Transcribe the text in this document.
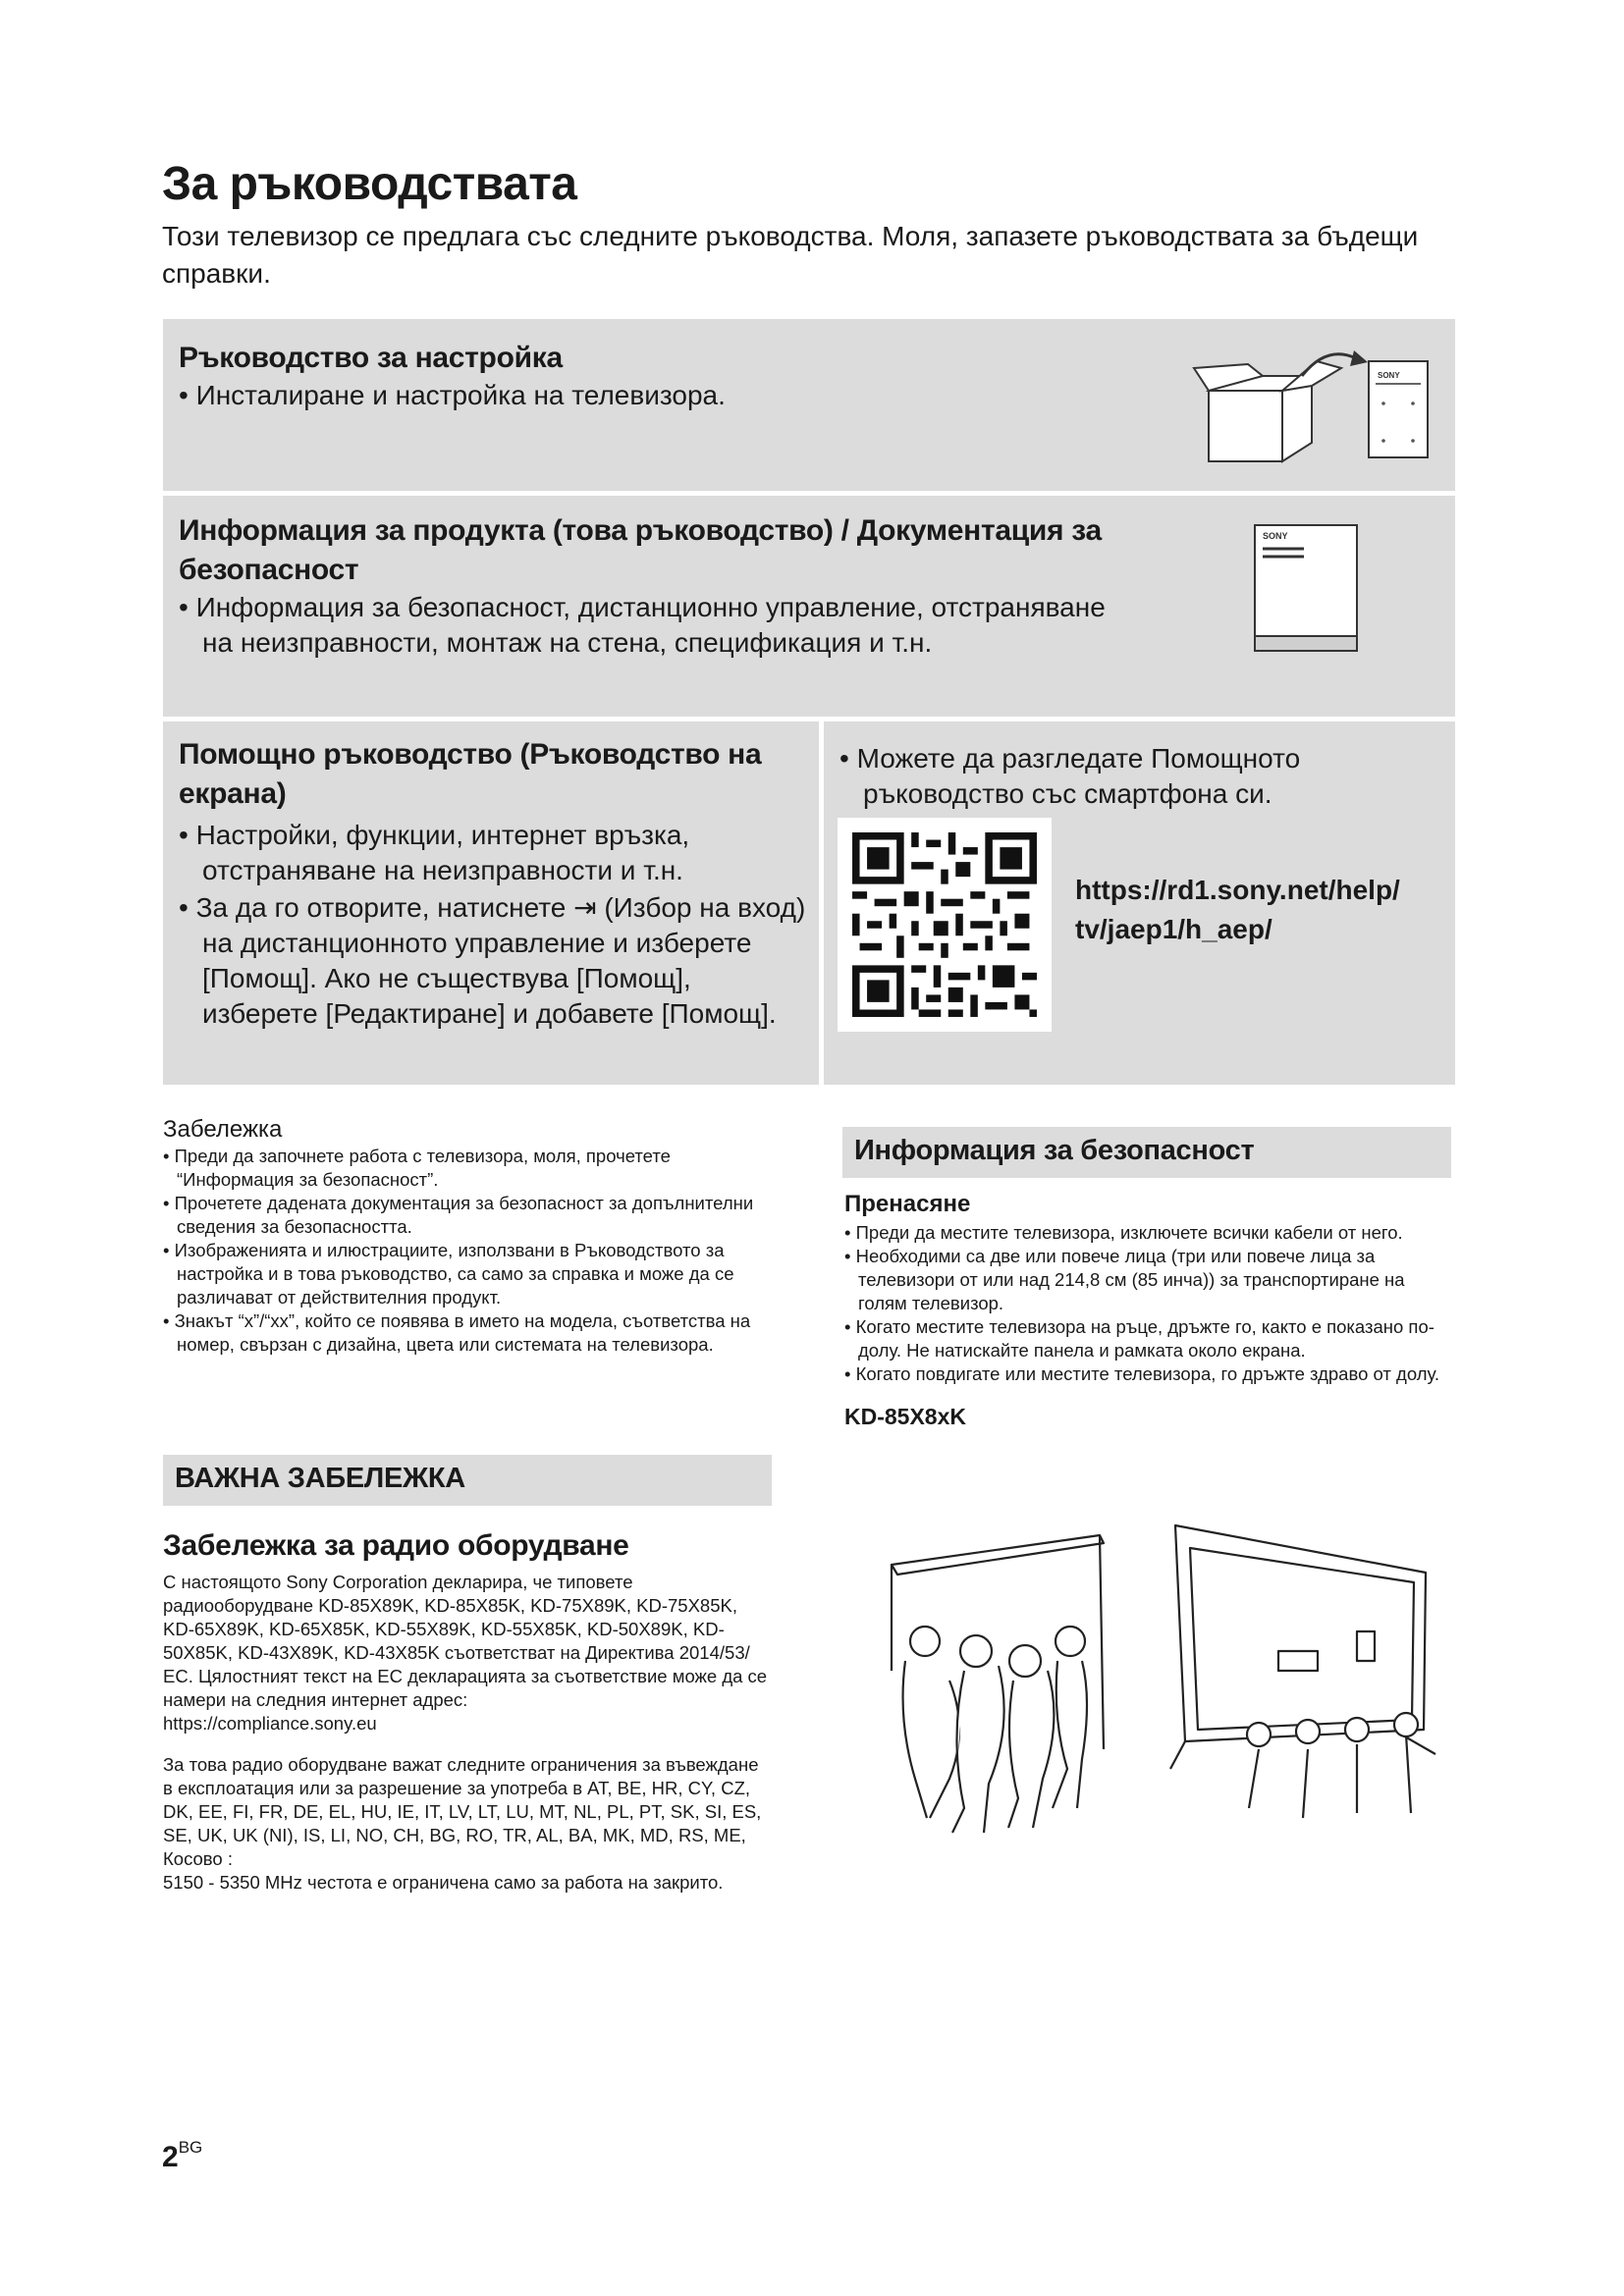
За ръководствата

Този телевизор се предлага със следните ръководства. Моля, запазете ръководствата за бъдещи справки.

Ръководство за настройка

• Инсталиране и настройка на телевизора.

SONY
Информация за продукта (това ръководство) / Документация за безопасност

• Информация за безопасност, дистанционно управление, отстраняване на неизправности, монтаж на стена, спецификация и т.н.

SONY
Помощно ръководство (Ръководство на екрана)

• Настройки, функции, интернет връзка, отстраняване на неизправности и т.н.

• За да го отворите, натиснете ⇥ (Избор на вход) на дистанционното управление и изберете [Помощ]. Ако не съществува [Помощ], изберете [Редактиране] и добавете [Помощ].

• Можете да разгледате Помощното ръководство със смартфона си.

https://rd1.sony.net/help/
tv/jaep1/h_aep/

Забележка

• Преди да започнете работа с телевизора, моля, прочетете “Информация за безопасност”.

• Прочетете дадената документация за безопасност за допълнителни сведения за безопасността.

• Изображенията и илюстрациите, използвани в Ръководството за настройка и в това ръководство, са само за справка и може да се различават от действителния продукт.

• Знакът “x”/“xx”, който се появява в името на модела, съответства на номер, свързан с дизайна, цвета или системата на телевизора.

ВАЖНА ЗАБЕЛЕЖКА

Забележка за радио оборудване

С настоящото Sony Corporation декларира, че типовете радиооборудване KD-85X89K, KD-85X85K, KD-75X89K, KD-75X85K, KD-65X89K, KD-65X85K, KD-55X89K, KD-55X85K, KD-50X89K, KD-50X85K, KD-43X89K, KD-43X85K съответстват на Директива 2014/53/ЕС. Цялостният текст на ЕС декларацията за съответствие може да се намери на следния интернет адрес:

https://compliance.sony.eu

За това радио оборудване важат следните ограничения за въвеждане в експлоатация или за разрешение за употреба в AT, BE, HR, CY, CZ, DK, EE, FI, FR, DE, EL, HU, IE, IT, LV, LT, LU, MT, NL, PL, PT, SK, SI, ES, SE, UK, UK (NI), IS, LI, NO, CH, BG, RO, TR, AL, BA, MK, MD, RS, ME, Косово :

5150 - 5350 MHz честота е ограничена само за работа на закрито.

Информация за безопасност

Пренасяне

• Преди да местите телевизора, изключете всички кабели от него.

• Необходими са две или повече лица (три или повече лица за телевизори от или над 214,8 см (85 инча)) за транспортиране на голям телевизор.

• Когато местите телевизора на ръце, дръжте го, както е показано по-долу. Не натискайте панела и рамката около екрана.

• Когато повдигате или местите телевизора, го дръжте здраво от долу.

KD-85X8xK

$2^{BG}$
